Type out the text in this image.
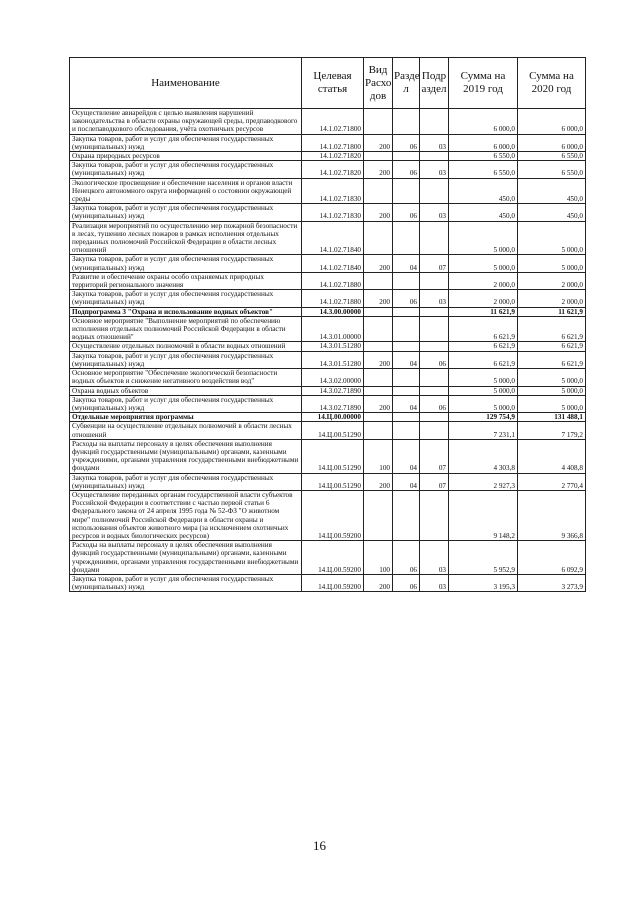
Наименование	Целевая статья	Вид Расхо дов	Разде л	Подр аздел	Сумма на 2019 год	Сумма на 2020 год
Осуществление авиарейдов с целью выявления нарушений законодательства в области охраны окружающей среды, предпаводкового и послепаводкового обследования, учёта охотничьих ресурсов	14.1.02.71800				6 000,0	6 000,0
Закупка товаров, работ и услуг для обеспечения государственных (муниципальных) нужд	14.1.02.71800	200	06	03	6 000,0	6 000,0
Охрана природных ресурсов	14.1.02.71820				6 550,0	6 550,0
Закупка товаров, работ и услуг для обеспечения государственных (муниципальных) нужд	14.1.02.71820	200	06	03	6 550,0	6 550,0
Экологическое просвещение и обеспечение населения и органов власти Ненецкого автономного округа информацией о состоянии окружающей среды	14.1.02.71830				450,0	450,0
Закупка товаров, работ и услуг для обеспечения государственных (муниципальных) нужд	14.1.02.71830	200	06	03	450,0	450,0
Реализация мероприятий по осуществлению мер пожарной безопасности в лесах, тушению лесных пожаров в рамках исполнения отдельных переданных полномочий Российской Федерации в области лесных отношений	14.1.02.71840				5 000,0	5 000,0
Закупка товаров, работ и услуг для обеспечения государственных (муниципальных) нужд	14.1.02.71840	200	04	07	5 000,0	5 000,0
Развитие и обеспечение охраны особо охраняемых природных территорий регионального значения	14.1.02.71880				2 000,0	2 000,0
Закупка товаров, работ и услуг для обеспечения государственных (муниципальных) нужд	14.1.02.71880	200	06	03	2 000,0	2 000,0
Подпрограмма 3 "Охрана и использование водных объектов"	14.3.00.00000				11 621,9	11 621,9
Основное мероприятие "Выполнение мероприятий по обеспечению исполнения отдельных полномочий Российской Федерации в области водных отношений"	14.3.01.00000				6 621,9	6 621,9
Осуществление отдельных полномочий в области водных отношений	14.3.01.51280				6 621,9	6 621,9
Закупка товаров, работ и услуг для обеспечения государственных (муниципальных) нужд	14.3.01.51280	200	04	06	6 621,9	6 621,9
Основное мероприятие "Обеспечение экологической безопасности водных объектов и снижение негативного воздействия вод"	14.3.02.00000				5 000,0	5 000,0
Охрана водных объектов	14.3.02.71890				5 000,0	5 000,0
Закупка товаров, работ и услуг для обеспечения государственных (муниципальных) нужд	14.3.02.71890	200	04	06	5 000,0	5 000,0
Отдельные мероприятия программы	14.Ц.00.00000				129 754,9	131 488,1
Субвенции на осуществление отдельных полномочий в области лесных отношений	14.Ц.00.51290				7 231,1	7 179,2
Расходы на выплаты персоналу в целях обеспечения выполнения функций государственными (муниципальными) органами, казенными учреждениями, органами управления государственными внебюджетными фондами	14.Ц.00.51290	100	04	07	4 303,8	4 408,8
Закупка товаров, работ и услуг для обеспечения государственных (муниципальных) нужд	14.Ц.00.51290	200	04	07	2 927,3	2 770,4
Осуществление переданных органам государственной власти субъектов Российской Федерации в соответствии с частью первой статьи 6 Федерального закона от 24 апреля 1995 года № 52-ФЗ "О животном мире" полномочий Российской Федерации в области охраны и использования объектов животного мира (за исключением охотничьих ресурсов и водных биологических ресурсов)	14.Ц.00.59200				9 148,2	9 366,8
Расходы на выплаты персоналу в целях обеспечения выполнения функций государственными (муниципальными) органами, казенными учреждениями, органами управления государственными внебюджетными фондами	14.Ц.00.59200	100	06	03	5 952,9	6 092,9
Закупка товаров, работ и услуг для обеспечения государственных (муниципальных) нужд	14.Ц.00.59200	200	06	03	3 195,3	3 273,9
16
